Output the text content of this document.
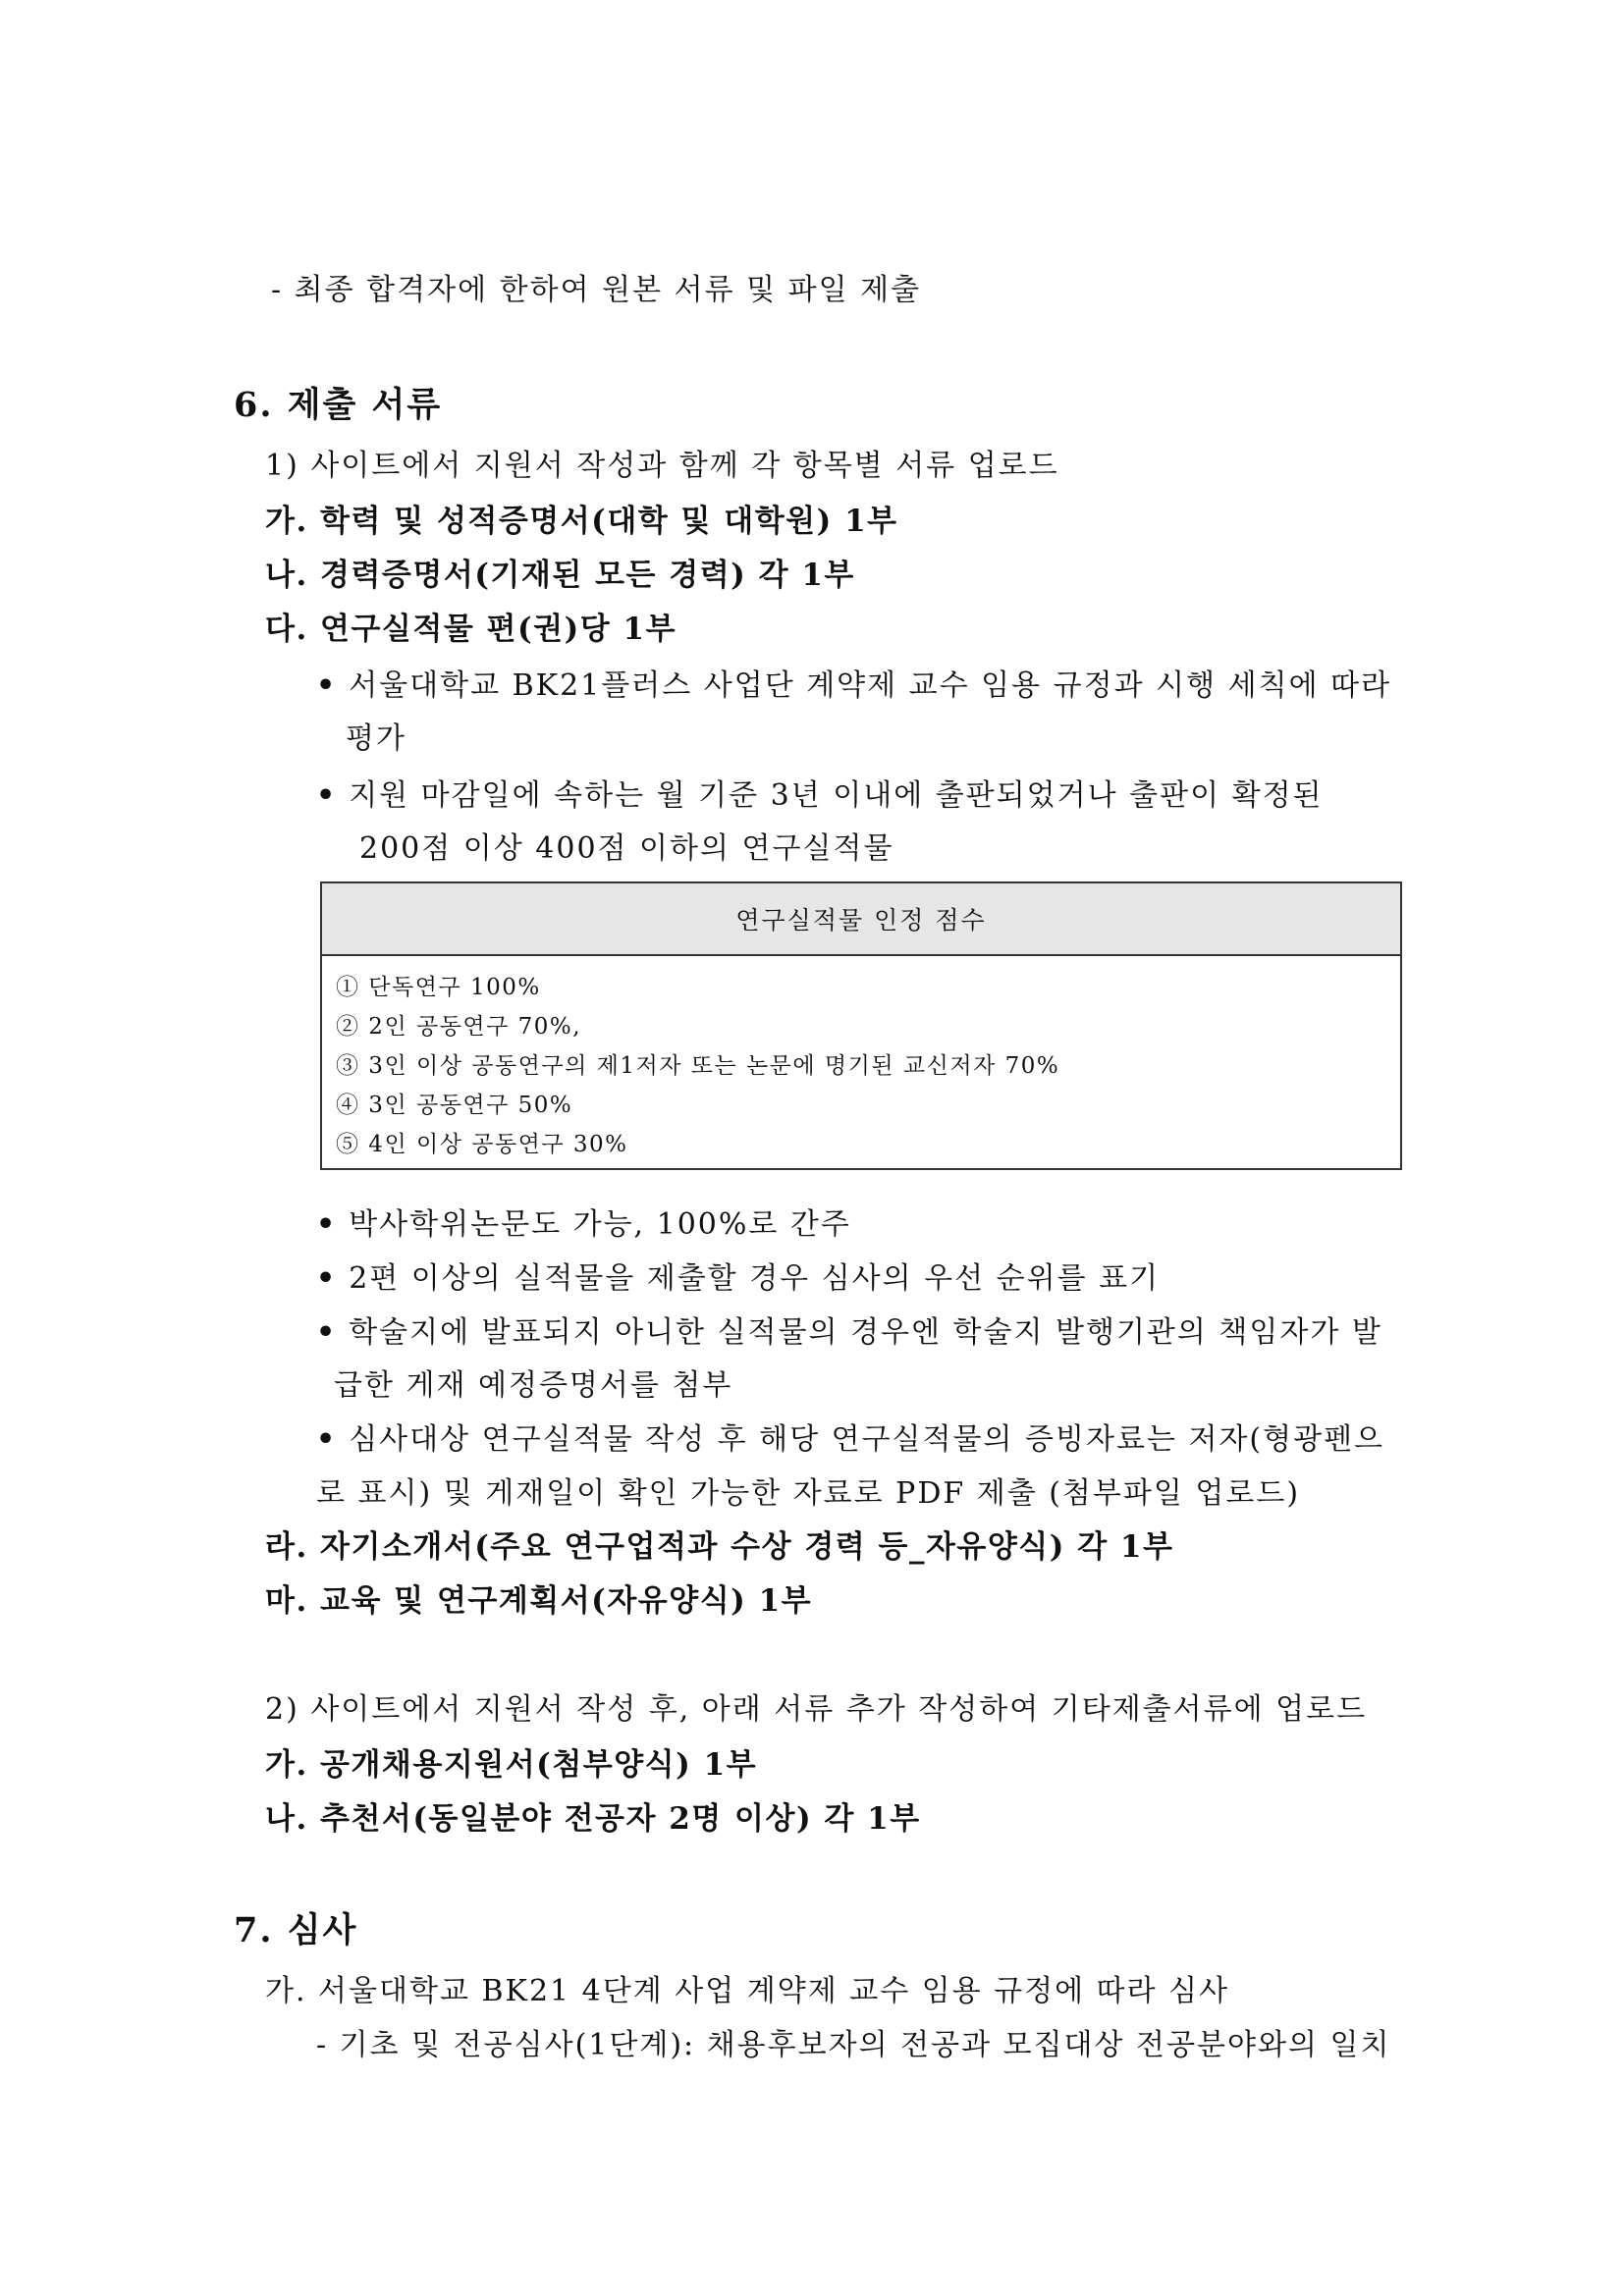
- 최종 합격자에 한하여 원본 서류 및 파일 제출
6. 제출 서류
1) 사이트에서 지원서 작성과 함께 각 항목별 서류 업로드
가. 학력 및 성적증명서(대학 및 대학원) 1부
나. 경력증명서(기재된 모든 경력) 각 1부
다. 연구실적물 편(권)당 1부
• 서울대학교 BK21플러스 사업단 계약제 교수 임용 규정과 시행 세칙에 따라
평가
• 지원 마감일에 속하는 월 기준 3년 이내에 출판되었거나 출판이 확정된
200점 이상 400점 이하의 연구실적물
연구실적물 인정 점수
① 단독연구 100%
② 2인 공동연구 70%,
③ 3인 이상 공동연구의 제1저자 또는 논문에 명기된 교신저자 70%
④ 3인 공동연구 50%
⑤ 4인 이상 공동연구 30%
• 박사학위논문도 가능, 100%로 간주
• 2편 이상의 실적물을 제출할 경우 심사의 우선 순위를 표기
• 학술지에 발표되지 아니한 실적물의 경우엔 학술지 발행기관의 책임자가 발
급한 게재 예정증명서를 첨부
• 심사대상 연구실적물 작성 후 해당 연구실적물의 증빙자료는 저자(형광펜으
로 표시) 및 게재일이 확인 가능한 자료로 PDF 제출 (첨부파일 업로드)
라. 자기소개서(주요 연구업적과 수상 경력 등_자유양식) 각 1부
마. 교육 및 연구계획서(자유양식) 1부
2) 사이트에서 지원서 작성 후, 아래 서류 추가 작성하여 기타제출서류에 업로드
가. 공개채용지원서(첨부양식) 1부
나. 추천서(동일분야 전공자 2명 이상) 각 1부
7. 심사
가. 서울대학교 BK21 4단계 사업 계약제 교수 임용 규정에 따라 심사
- 기초 및 전공심사(1단계): 채용후보자의 전공과 모집대상 전공분야와의 일치
